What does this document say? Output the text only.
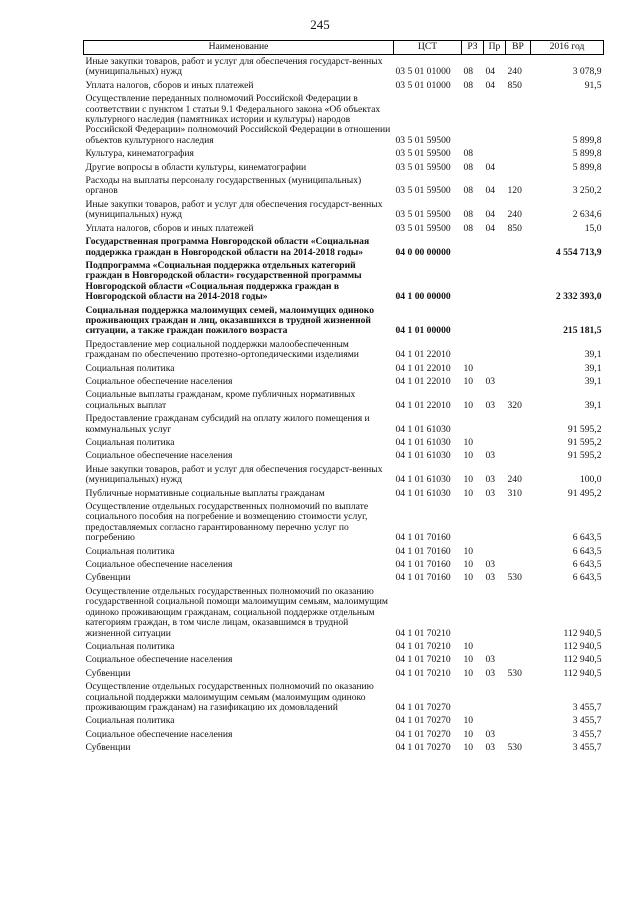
245
Наименование	ЦСТ	РЗ	Пр	ВР	2016 год
Иные закупки товаров, работ и услуг для обеспечения государст-венных (муниципальных) нужд	03 5 01 01000	08	04	240	3 078,9
Уплата налогов, сборов и иных платежей	03 5 01 01000	08	04	850	91,5
Осуществление переданных полномочий Российской Федерации в соответствии с пунктом 1 статьи 9.1 Федерального закона «Об объектах культурного наследия (памятниках истории и культуры) народов Российской Федерации» полномочий Российской Федерации в отношении объектов культурного наследия	03 5 01 59500				5 899,8
Культура, кинематография	03 5 01 59500	08			5 899,8
Другие вопросы в области культуры, кинематографии	03 5 01 59500	08	04		5 899,8
Расходы на выплаты персоналу государственных (муниципальных) органов	03 5 01 59500	08	04	120	3 250,2
Иные закупки товаров, работ и услуг для обеспечения государст-венных (муниципальных) нужд	03 5 01 59500	08	04	240	2 634,6
Уплата налогов, сборов и иных платежей	03 5 01 59500	08	04	850	15,0
Государственная программа Новгородской области «Социальная поддержка граждан в Новгородской области на 2014-2018 годы»	04 0 00 00000				4 554 713,9
Подпрограмма «Социальная поддержка отдельных категорий граждан в Новгородской области» государственной программы Новгородской области «Социальная поддержка граждан в Новгородской области на 2014-2018 годы»	04 1 00 00000				2 332 393,0
Социальная поддержка малоимущих семей, малоимущих одиноко проживающих граждан и лиц, оказавшихся в трудной жизненной ситуации, а также граждан пожилого возраста	04 1 01 00000				215 181,5
Предоставление мер социальной поддержки малообеспеченным гражданам по обеспечению протезно-ортопедическими изделиями	04 1 01 22010				39,1
Социальная политика	04 1 01 22010	10			39,1
Социальное обеспечение населения	04 1 01 22010	10	03		39,1
Социальные выплаты гражданам, кроме публичных нормативных социальных выплат	04 1 01 22010	10	03	320	39,1
Предоставление гражданам субсидий на оплату жилого помещения и коммунальных услуг	04 1 01 61030				91 595,2
Социальная политика	04 1 01 61030	10			91 595,2
Социальное обеспечение населения	04 1 01 61030	10	03		91 595,2
Иные закупки товаров, работ и услуг для обеспечения государст-венных (муниципальных) нужд	04 1 01 61030	10	03	240	100,0
Публичные нормативные социальные выплаты гражданам	04 1 01 61030	10	03	310	91 495,2
Осуществление отдельных государственных полномочий по выплате социального пособия на погребение и возмещению стоимости услуг, предоставляемых согласно гарантированному перечню услуг по погребению	04 1 01 70160				6 643,5
Социальная политика	04 1 01 70160	10			6 643,5
Социальное обеспечение населения	04 1 01 70160	10	03		6 643,5
Субвенции	04 1 01 70160	10	03	530	6 643,5
Осуществление отдельных государственных полномочий по оказанию государственной социальной помощи малоимущим семьям, малоимущим одиноко проживающим гражданам, социальной поддержке отдельным категориям граждан, в том числе лицам, оказавшимся в трудной жизненной ситуации	04 1 01 70210				112 940,5
Социальная политика	04 1 01 70210	10			112 940,5
Социальное обеспечение населения	04 1 01 70210	10	03		112 940,5
Субвенции	04 1 01 70210	10	03	530	112 940,5
Осуществление отдельных государственных полномочий по оказанию социальной поддержки малоимущим семьям (малоимущим одиноко проживающим гражданам) на газификацию их домовладений	04 1 01 70270				3 455,7
Социальная политика	04 1 01 70270	10			3 455,7
Социальное обеспечение населения	04 1 01 70270	10	03		3 455,7
Субвенции	04 1 01 70270	10	03	530	3 455,7
